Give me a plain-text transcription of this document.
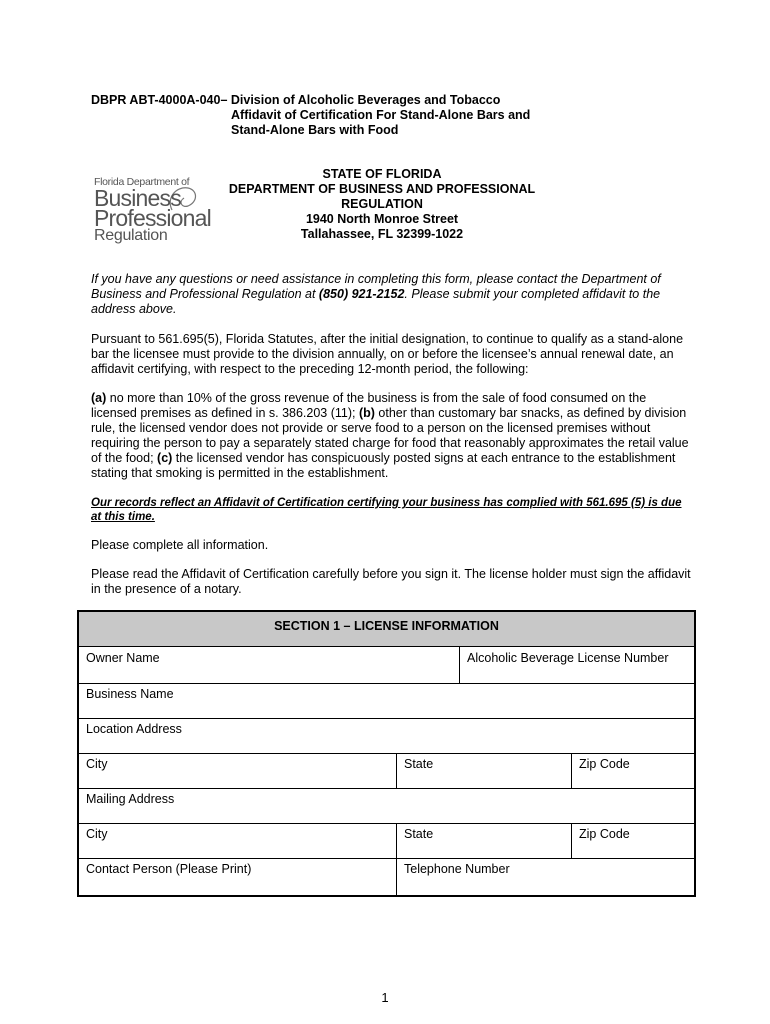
DBPR ABT-4000A-040– Division of Alcoholic Beverages and Tobacco
Affidavit of Certification For Stand-Alone Bars and
Stand-Alone Bars with Food
Florida Department of
Business
Professional
Regulation
STATE OF FLORIDA
DEPARTMENT OF BUSINESS AND PROFESSIONAL
REGULATION
1940 North Monroe Street
Tallahassee, FL 32399-1022

If you have any questions or need assistance in completing this form, please contact the Department of Business and Professional Regulation at (850) 921-2152. Please submit your completed affidavit to the address above.

Pursuant to 561.695(5), Florida Statutes, after the initial designation, to continue to qualify as a stand-alone bar the licensee must provide to the division annually, on or before the licensee’s annual renewal date, an affidavit certifying, with respect to the preceding 12-month period, the following:

(a) no more than 10% of the gross revenue of the business is from the sale of food consumed on the licensed premises as defined in s. 386.203 (11); (b) other than customary bar snacks, as defined by division rule, the licensed vendor does not provide or serve food to a person on the licensed premises without requiring the person to pay a separately stated charge for food that reasonably approximates the retail value of the food; (c) the licensed vendor has conspicuously posted signs at each entrance to the establishment stating that smoking is permitted in the establishment.

Our records reflect an Affidavit of Certification certifying your business has complied with 561.695 (5) is due at this time.

Please complete all information.

Please read the Affidavit of Certification carefully before you sign it. The license holder must sign the affidavit in the presence of a notary.

SECTION 1 – LICENSE INFORMATION
Owner Name	Alcoholic Beverage License Number
Business Name
Location Address
City	State	Zip Code
Mailing Address
City	State	Zip Code
Contact Person (Please Print)	Telephone Number
1
